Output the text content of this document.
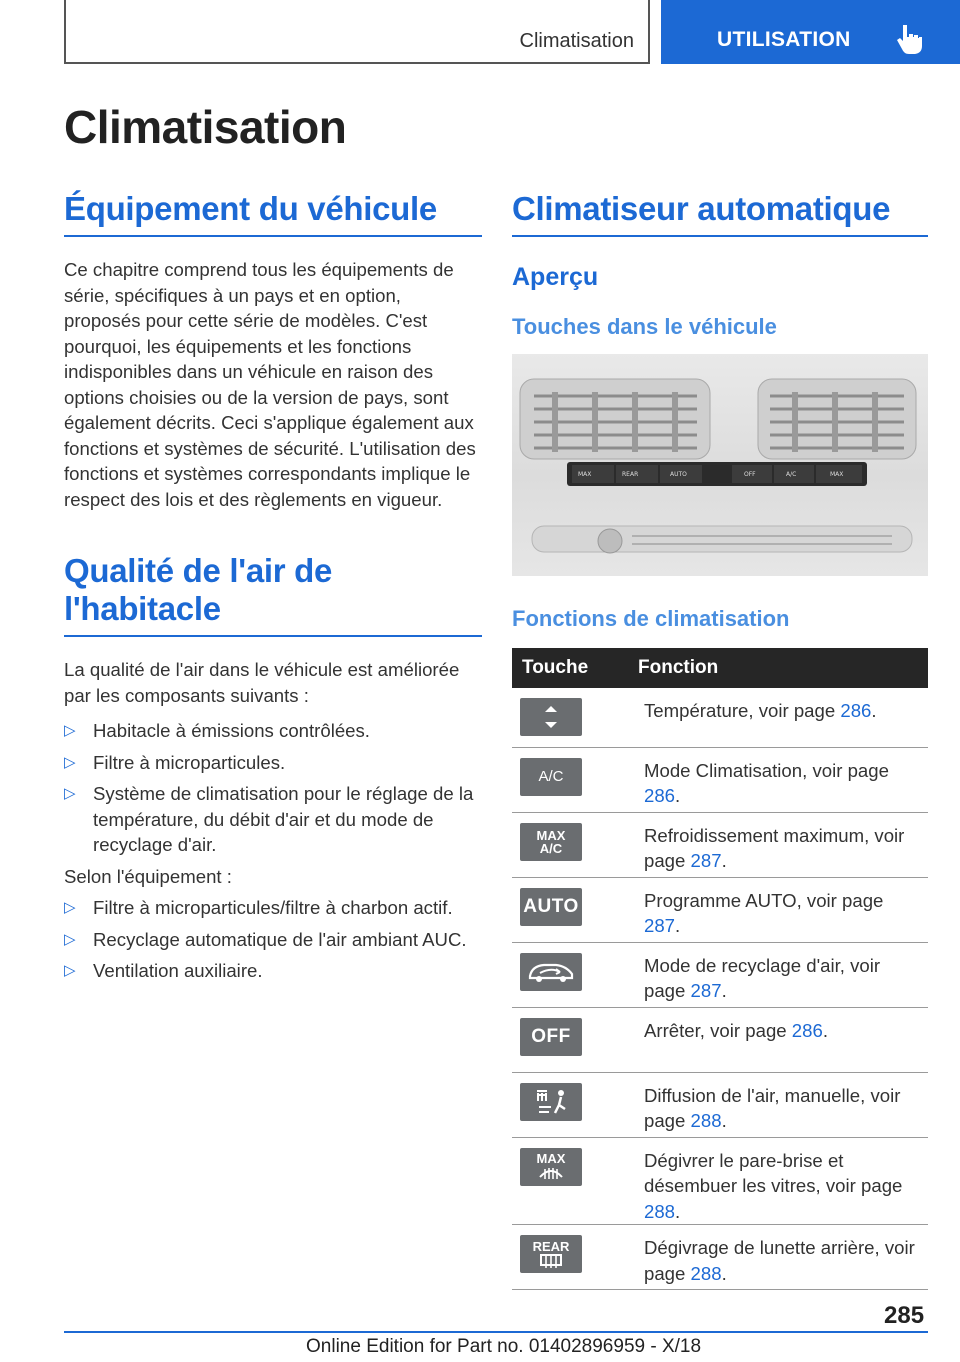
Climatisation	UTILISATION
Climatisation
Équipement du véhicule

Ce chapitre comprend tous les équipements de série, spécifiques à un pays et en option, proposés pour cette série de modèles. C'est pourquoi, les équipements et les fonctions indisponibles dans un véhicule en raison des options choisies ou de la version de pays, sont également décrits. Ceci s'applique également aux fonctions et systèmes de sécurité. L'utilisation des fonctions et systèmes correspondants implique le respect des lois et des règlements en vigueur.

Qualité de l'air de l'habitacle

La qualité de l'air dans le véhicule est améliorée par les composants suivants :

▷ Habitacle à émissions contrôlées.
▷ Filtre à microparticules.
▷ Système de climatisation pour le réglage de la température, du débit d'air et du mode de recyclage d'air.

Selon l'équipement :

▷ Filtre à microparticules/filtre à charbon actif.
▷ Recyclage automatique de l'air ambiant AUC.
▷ Ventilation auxiliaire.
Climatiseur automatique
Aperçu
Touches dans le véhicule
MAX	REAR	AUTO	OFF	A/C	MAX
Fonctions de climatisation
Touche	Fonction

	Température, voir page 286.

A/C	Mode Climatisation, voir page 286.

MAX
A/C	Refroidissement maximum, voir page 287.

AUTO	Programme AUTO, voir page 287.

	Mode de recyclage d'air, voir page 287.

OFF	Arrêter, voir page 286.

	Diffusion de l'air, manuelle, voir page 288.

MAX	Dégivrer le pare-brise et désembuer les vitres, voir page 288.

REAR	Dégivrage de lunette arrière, voir page 288.
285
Online Edition for Part no. 01402896959 - X/18
